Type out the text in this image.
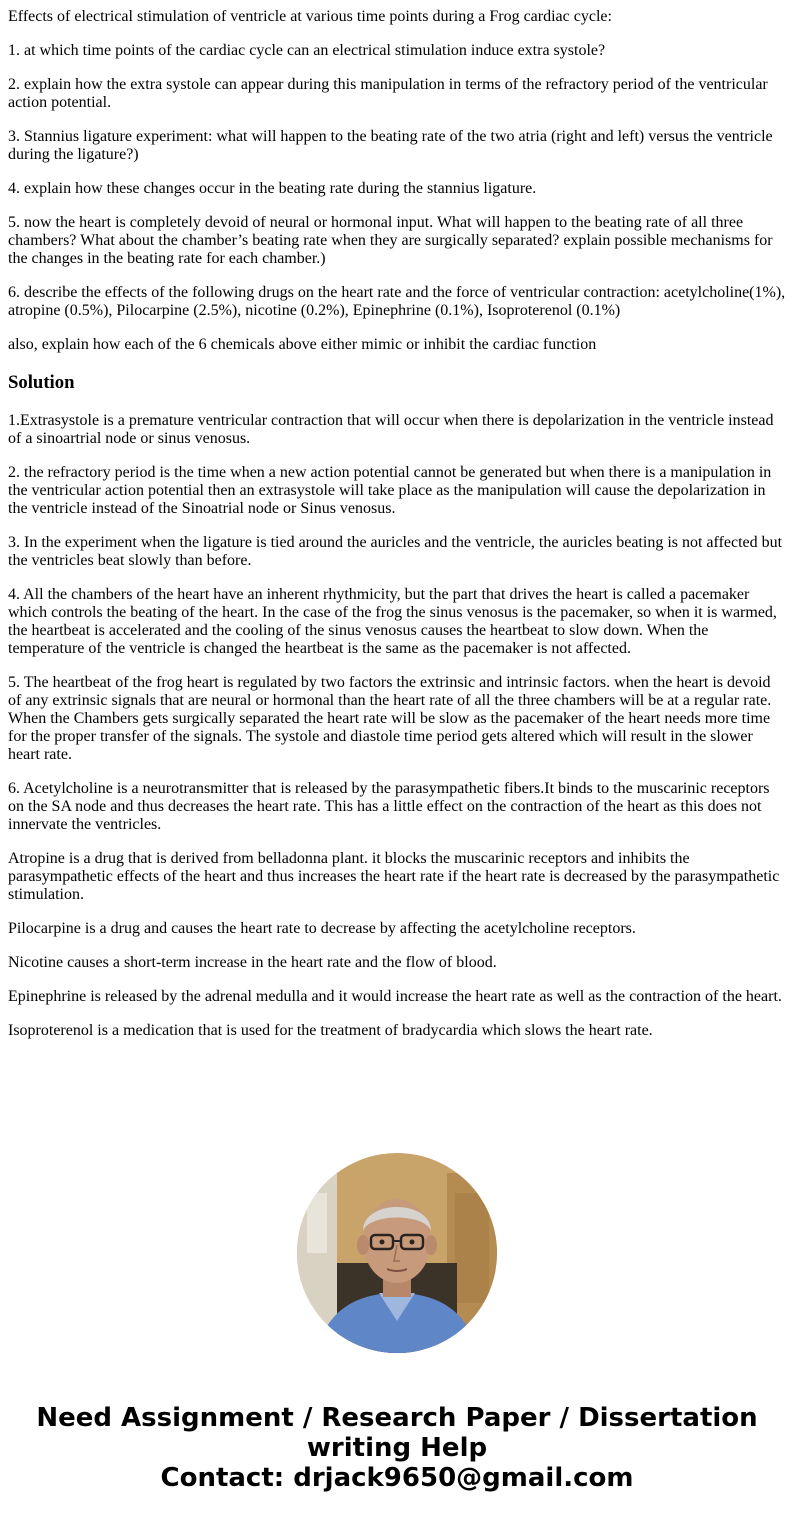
Effects of electrical stimulation of ventricle at various time points during a Frog cardiac cycle:

1. at which time points of the cardiac cycle can an electrical stimulation induce extra systole?

2. explain how the extra systole can appear during this manipulation in terms of the refractory period of the ventricular action potential.

3. Stannius ligature experiment: what will happen to the beating rate of the two atria (right and left) versus the ventricle during the ligature?)

4. explain how these changes occur in the beating rate during the stannius ligature.

5. now the heart is completely devoid of neural or hormonal input. What will happen to the beating rate of all three chambers? What about the chamber’s beating rate when they are surgically separated? explain possible mechanisms for the changes in the beating rate for each chamber.)

6. describe the effects of the following drugs on the heart rate and the force of ventricular contraction: acetylcholine(1%), atropine (0.5%), Pilocarpine (2.5%), nicotine (0.2%), Epinephrine (0.1%), Isoproterenol (0.1%)

also, explain how each of the 6 chemicals above either mimic or inhibit the cardiac function

Solution

1.Extrasystole is a premature ventricular contraction that will occur when there is depolarization in the ventricle instead of a sinoartrial node or sinus venosus.

2. the refractory period is the time when a new action potential cannot be generated but when there is a manipulation in the ventricular action potential then an extrasystole will take place as the manipulation will cause the depolarization in the ventricle instead of the Sinoatrial node or Sinus venosus.

3. In the experiment when the ligature is tied around the auricles and the ventricle, the auricles beating is not affected but the ventricles beat slowly than before.

4. All the chambers of the heart have an inherent rhythmicity, but the part that drives the heart is called a pacemaker which controls the beating of the heart. In the case of the frog the sinus venosus is the pacemaker, so when it is warmed, the heartbeat is accelerated and the cooling of the sinus venosus causes the heartbeat to slow down. When the temperature of the ventricle is changed the heartbeat is the same as the pacemaker is not affected.

5. The heartbeat of the frog heart is regulated by two factors the extrinsic and intrinsic factors. when the heart is devoid of any extrinsic signals that are neural or hormonal than the heart rate of all the three chambers will be at a regular rate. When the Chambers gets surgically separated the heart rate will be slow as the pacemaker of the heart needs more time for the proper transfer of the signals. The systole and diastole time period gets altered which will result in the slower heart rate.

6. Acetylcholine is a neurotransmitter that is released by the parasympathetic fibers.It binds to the muscarinic receptors on the SA node and thus decreases the heart rate. This has a little effect on the contraction of the heart as this does not innervate the ventricles.

Atropine is a drug that is derived from belladonna plant. it blocks the muscarinic receptors and inhibits the parasympathetic effects of the heart and thus increases the heart rate if the heart rate is decreased by the parasympathetic stimulation.

Pilocarpine is a drug and causes the heart rate to decrease by affecting the acetylcholine receptors.

Nicotine causes a short-term increase in the heart rate and the flow of blood.

Epinephrine is released by the adrenal medulla and it would increase the heart rate as well as the contraction of the heart.

Isoproterenol is a medication that is used for the treatment of bradycardia which slows the heart rate.

Need Assignment / Research Paper / Dissertation
writing Help
Contact: drjack9650@gmail.com
